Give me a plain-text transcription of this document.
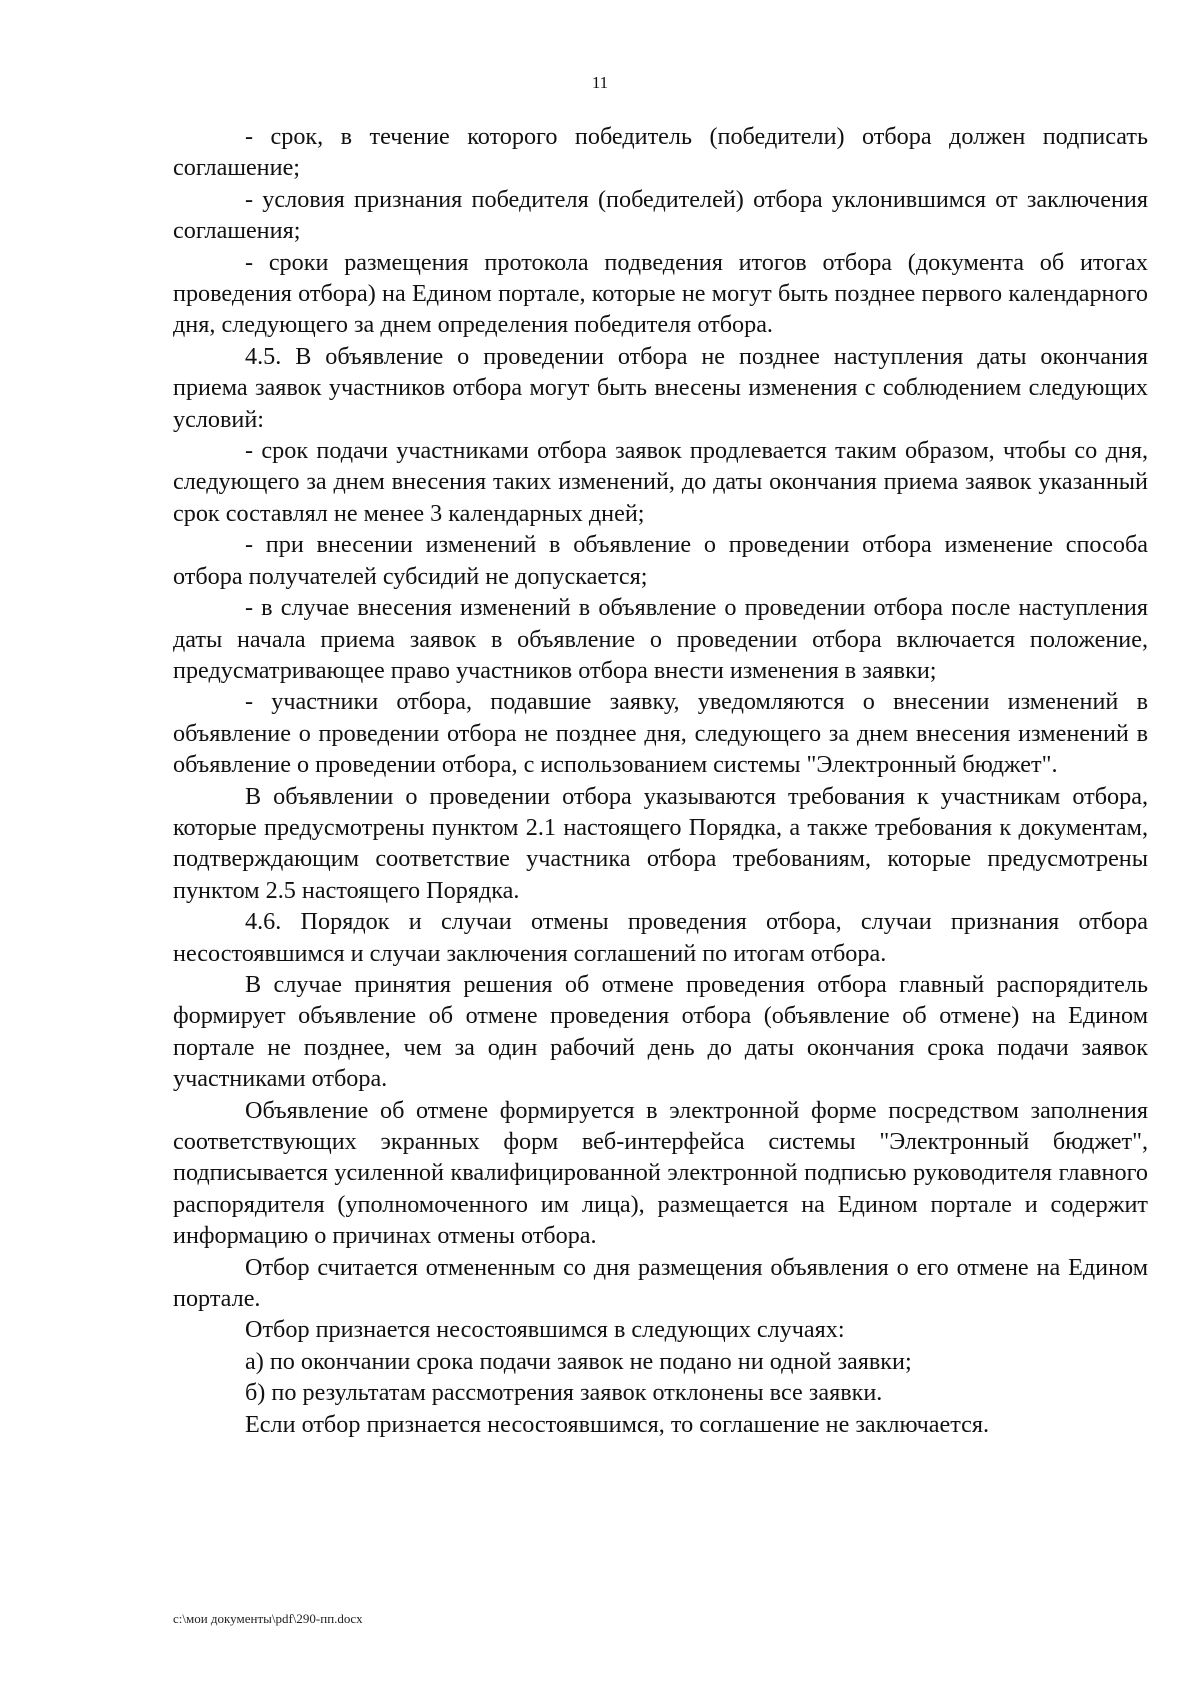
11

- срок, в течение которого победитель (победители) отбора должен подписать соглашение;

- условия признания победителя (победителей) отбора уклонившимся от заключения соглашения;

- сроки размещения протокола подведения итогов отбора (документа об итогах проведения отбора) на Едином портале, которые не могут быть позднее первого календарного дня, следующего за днем определения победителя отбора.

4.5. В объявление о проведении отбора не позднее наступления даты окончания приема заявок участников отбора могут быть внесены изменения с соблюдением следующих условий:

- срок подачи участниками отбора заявок продлевается таким образом, чтобы со дня, следующего за днем внесения таких изменений, до даты окончания приема заявок указанный срок составлял не менее 3 календарных дней;

- при внесении изменений в объявление о проведении отбора изменение способа отбора получателей субсидий не допускается;

- в случае внесения изменений в объявление о проведении отбора после наступления даты начала приема заявок в объявление о проведении отбора включается положение, предусматривающее право участников отбора внести изменения в заявки;

- участники отбора, подавшие заявку, уведомляются о внесении изменений в объявление о проведении отбора не позднее дня, следующего за днем внесения изменений в объявление о проведении отбора, с использованием системы "Электронный бюджет".

В объявлении о проведении отбора указываются требования к участникам отбора, которые предусмотрены пунктом 2.1 настоящего Порядка, а также требования к документам, подтверждающим соответствие участника отбора требованиям, которые предусмотрены пунктом 2.5 настоящего Порядка.

4.6. Порядок и случаи отмены проведения отбора, случаи признания отбора несостоявшимся и случаи заключения соглашений по итогам отбора.

В случае принятия решения об отмене проведения отбора главный распорядитель формирует объявление об отмене проведения отбора (объявление об отмене) на Едином портале не позднее, чем за один рабочий день до даты окончания срока подачи заявок участниками отбора.

Объявление об отмене формируется в электронной форме посредством заполнения соответствующих экранных форм веб-интерфейса системы "Электронный бюджет", подписывается усиленной квалифицированной электронной подписью руководителя главного распорядителя (уполномоченного им лица), размещается на Едином портале и содержит информацию о причинах отмены отбора.

Отбор считается отмененным со дня размещения объявления о его отмене на Едином портале.

Отбор признается несостоявшимся в следующих случаях:

а) по окончании срока подачи заявок не подано ни одной заявки;

б) по результатам рассмотрения заявок отклонены все заявки.

Если отбор признается несостоявшимся, то соглашение не заключается.

c:\мои документы\pdf\290-пп.docx
